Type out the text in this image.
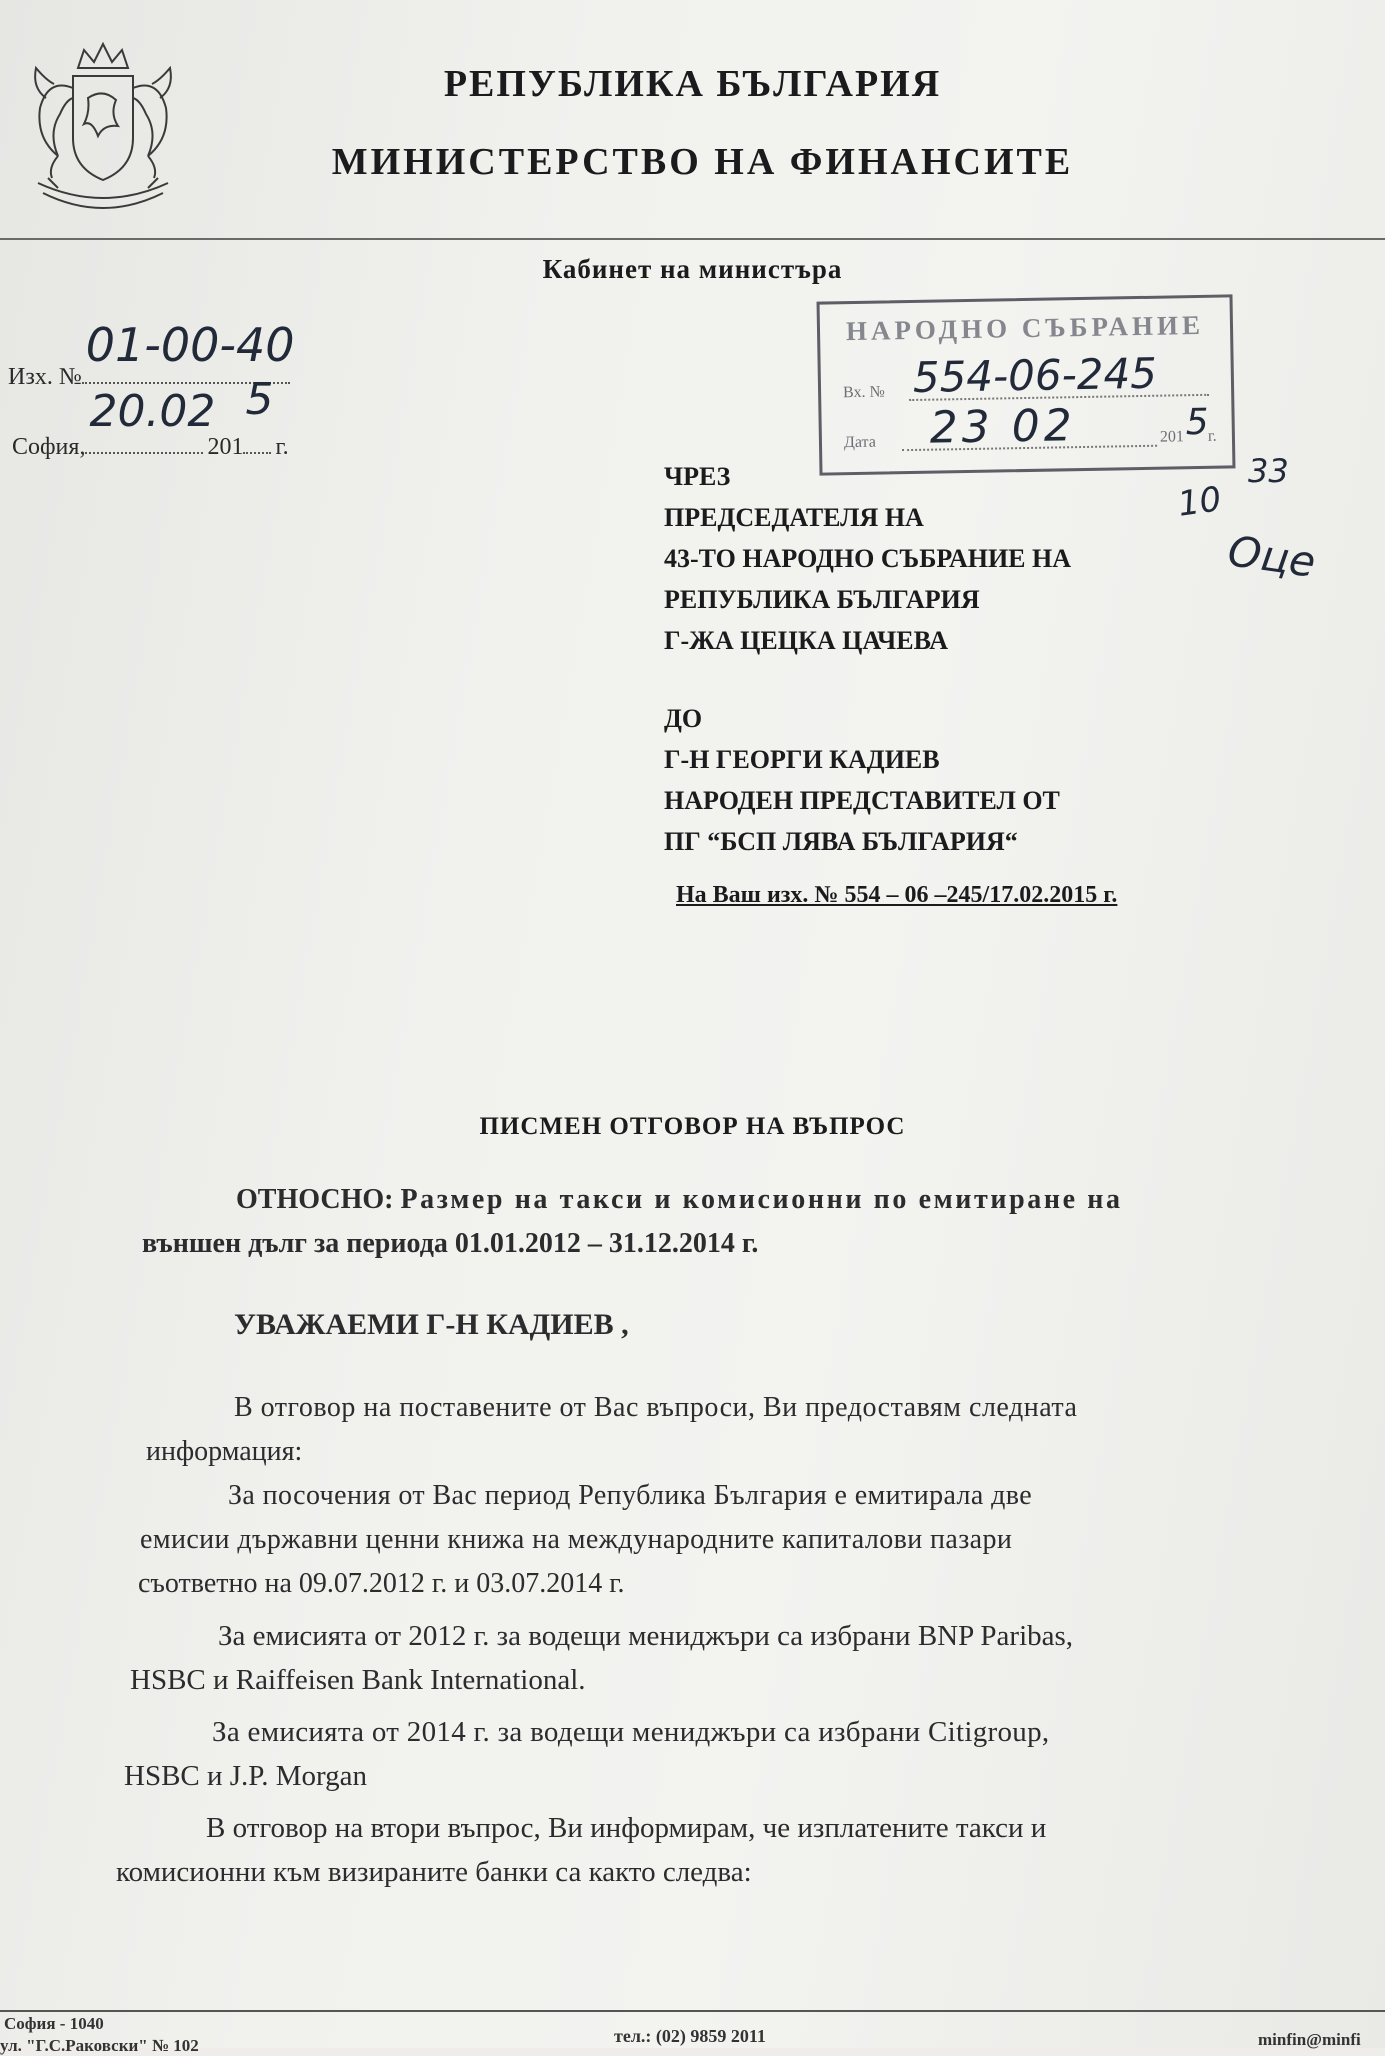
РЕПУБЛИКА БЪЛГАРИЯ
МИНИСТЕРСТВО НА ФИНАНСИТЕ
Кабинет на министъра
Изх. №
01-00-40
София,
20.02
201
5
г.
НАРОДНО СЪБРАНИЕ
Вх. № 554-06-245
Дата 23 02	201 5
г.
10
33
Оце
ЧРЕЗ
ПРЕДСЕДАТЕЛЯ НА
43-ТО НАРОДНО СЪБРАНИЕ НА
РЕПУБЛИКА БЪЛГАРИЯ
Г-ЖА ЦЕЦКА ЦАЧЕВА
ДО
Г-Н ГЕОРГИ КАДИЕВ
НАРОДЕН ПРЕДСТАВИТЕЛ ОТ
ПГ “БСП ЛЯВА БЪЛГАРИЯ“
На Ваш изх. № 554 – 06 –245/17.02.2015 г.
ПИСМЕН ОТГОВОР НА ВЪПРОС
ОТНОСНО: Размер на такси и комисионни по емитиране на
външен дълг за периода 01.01.2012 – 31.12.2014 г.
УВАЖАЕМИ Г-Н КАДИЕВ ,
В отговор на поставените от Вас въпроси, Ви предоставям следната
информация:
За посочения от Вас период Република България е емитирала две
емисии държавни ценни книжа на международните капиталови пазари
съответно на 09.07.2012 г. и 03.07.2014 г.
За емисията от 2012 г. за водещи мениджъри са избрани BNP Paribas,
HSBC и Raiffeisen Bank International.
За емисията от 2014 г. за водещи мениджъри са избрани Citigroup,
HSBC и J.P. Morgan
В отговор на втори въпрос, Ви информирам, че изплатените такси и
комисионни към визираните банки са както следва:
София - 1040
ул. "Г.С.Раковски" № 102	тел.: (02) 9859 2011	minfin@minfi
